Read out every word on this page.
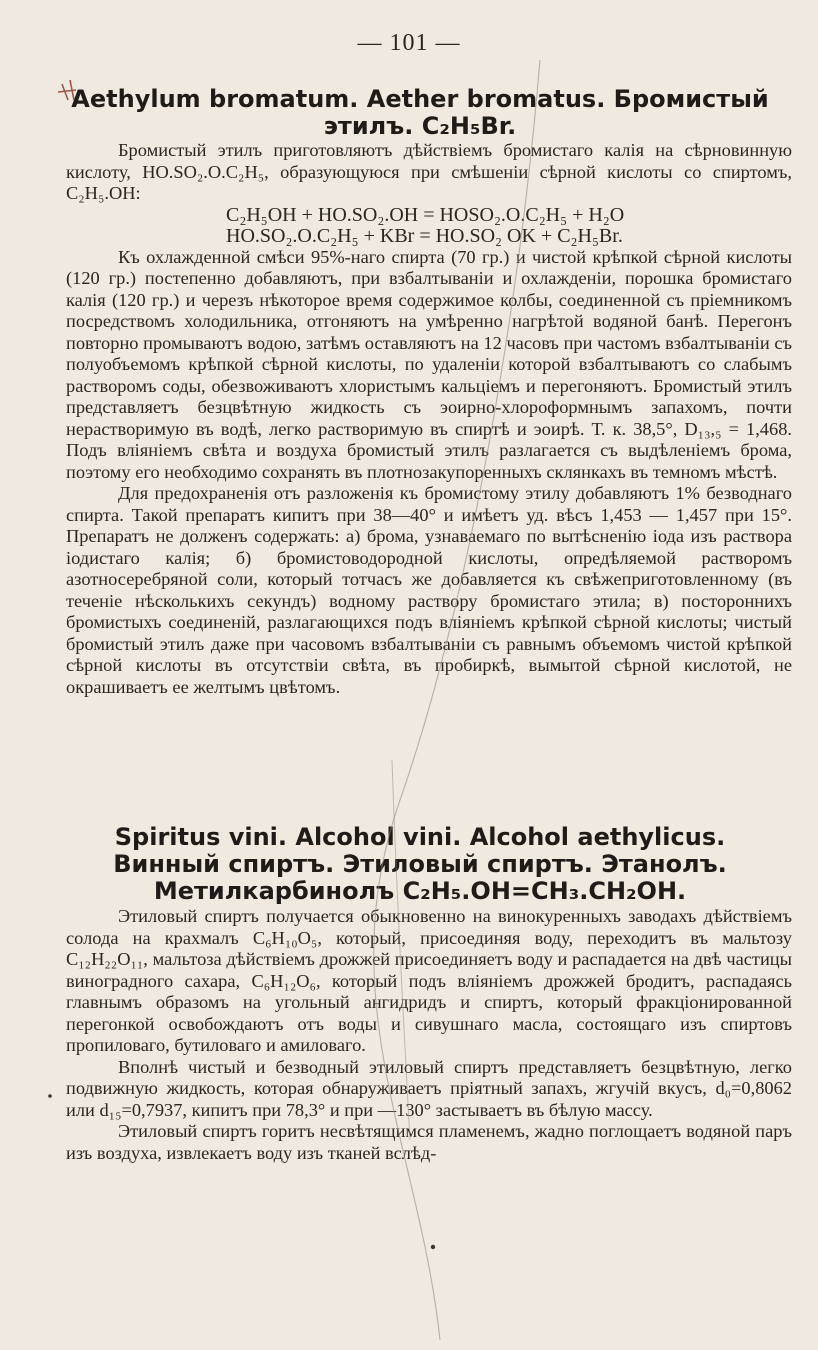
— 101 —

Aethylum bromatum. Aether bromatus. Бромистый

этилъ. C₂H₅Br.

Бромистый этилъ приготовляютъ дѣйствіемъ бромистаго калія на сѣрновинную кислоту, HO.SO₂.O.C₂H₅, образующуюся при смѣшеніи сѣрной кислоты со спиртомъ, C₂H₅.OH:

C₂H₅OH + HO.SO₂.OH = HOSO₂.O.C₂H₅ + H₂O

HO.SO₂.O.C₂H₅ + KBr = HO.SO₂ OK + C₂H₅Br.

Къ охлажденной смѣси 95%-наго спирта (70 гр.) и чистой крѣпкой сѣрной кислоты (120 гр.) постепенно добавляютъ, при взбалтываніи и охлажденіи, порошка бромистаго калія (120 гр.) и черезъ нѣкоторое время содержимое колбы, соединенной съ пріемникомъ посредствомъ холодильника, отгоняютъ на умѣренно нагрѣтой водяной банѣ. Перегонъ повторно промываютъ водою, затѣмъ оставляютъ на 12 часовъ при частомъ взбалтываніи съ полуобъемомъ крѣпкой сѣрной кислоты, по удаленіи которой взбалтываютъ со слабымъ растворомъ соды, обезвоживаютъ хлористымъ кальціемъ и перегоняютъ. Бромистый этилъ представляетъ безцвѣтную жидкость съ эоирно-хлороформнымъ запахомъ, почти нерастворимую въ водѣ, легко растворимую въ спиртѣ и эоирѣ. Т. к. 38,5°, D₁₃,₅ = 1,468. Подъ вліяніемъ свѣта и воздуха бромистый этилъ разлагается съ выдѣленіемъ брома, поэтому его необходимо сохранять въ плотнозакупоренныхъ склянкахъ въ темномъ мѣстѣ.

Для предохраненія отъ разложенія къ бромистому этилу добавляютъ 1% безводнаго спирта. Такой препаратъ кипитъ при 38—40° и имѣетъ уд. вѣсъ 1,453 — 1,457 при 15°. Препаратъ не долженъ содержать: а) брома, узнаваемаго по вытѣсненію іода изъ раствора іодистаго калія; б) бромистоводородной кислоты, опредѣляемой растворомъ азотносеребряной соли, который тотчасъ же добавляется къ свѣжеприготовленному (въ теченіе нѣсколькихъ секундъ) водному раствору бромистаго этила; в) постороннихъ бромистыхъ соединеній, разлагающихся подъ вліяніемъ крѣпкой сѣрной кислоты; чистый бромистый этилъ даже при часовомъ взбалтываніи съ равнымъ объемомъ чистой крѣпкой сѣрной кислоты въ отсутствіи свѣта, въ пробиркѣ, вымытой сѣрной кислотой, не окрашиваетъ ее желтымъ цвѣтомъ.

Spiritus vini. Alcohol vini. Alcohol aethylicus.

Винный спиртъ. Этиловый спиртъ. Этанолъ.

Метилкарбинолъ C₂H₅.OH=CH₃.CH₂OH.

Этиловый спиртъ получается обыкновенно на винокуренныхъ заводахъ дѣйствіемъ солода на крахмалъ C₆H₁₀O₅, который, присоединяя воду, переходитъ въ мальтозу C₁₂H₂₂O₁₁, мальтоза дѣйствіемъ дрожжей присоединяетъ воду и распадается на двѣ частицы виноградного сахара, C₆H₁₂O₆, который подъ вліяніемъ дрожжей бродитъ, распадаясь главнымъ образомъ на угольный ангидридъ и спиртъ, который фракціонированной перегонкой освобождаютъ отъ воды и сивушнаго масла, состоящаго изъ спиртовъ пропиловаго, бутиловаго и амиловаго.

Вполнѣ чистый и безводный этиловый спиртъ представляетъ безцвѣтную, легко подвижную жидкость, которая обнаруживаетъ пріятный запахъ, жгучій вкусъ, d₀=0,8062 или d₁₅=0,7937, кипитъ при 78,3° и при —130° застываетъ въ бѣлую массу.

Этиловый спиртъ горитъ несвѣтящимся пламенемъ, жадно поглощаетъ водяной паръ изъ воздуха, извлекаетъ воду изъ тканей вслѣд-
